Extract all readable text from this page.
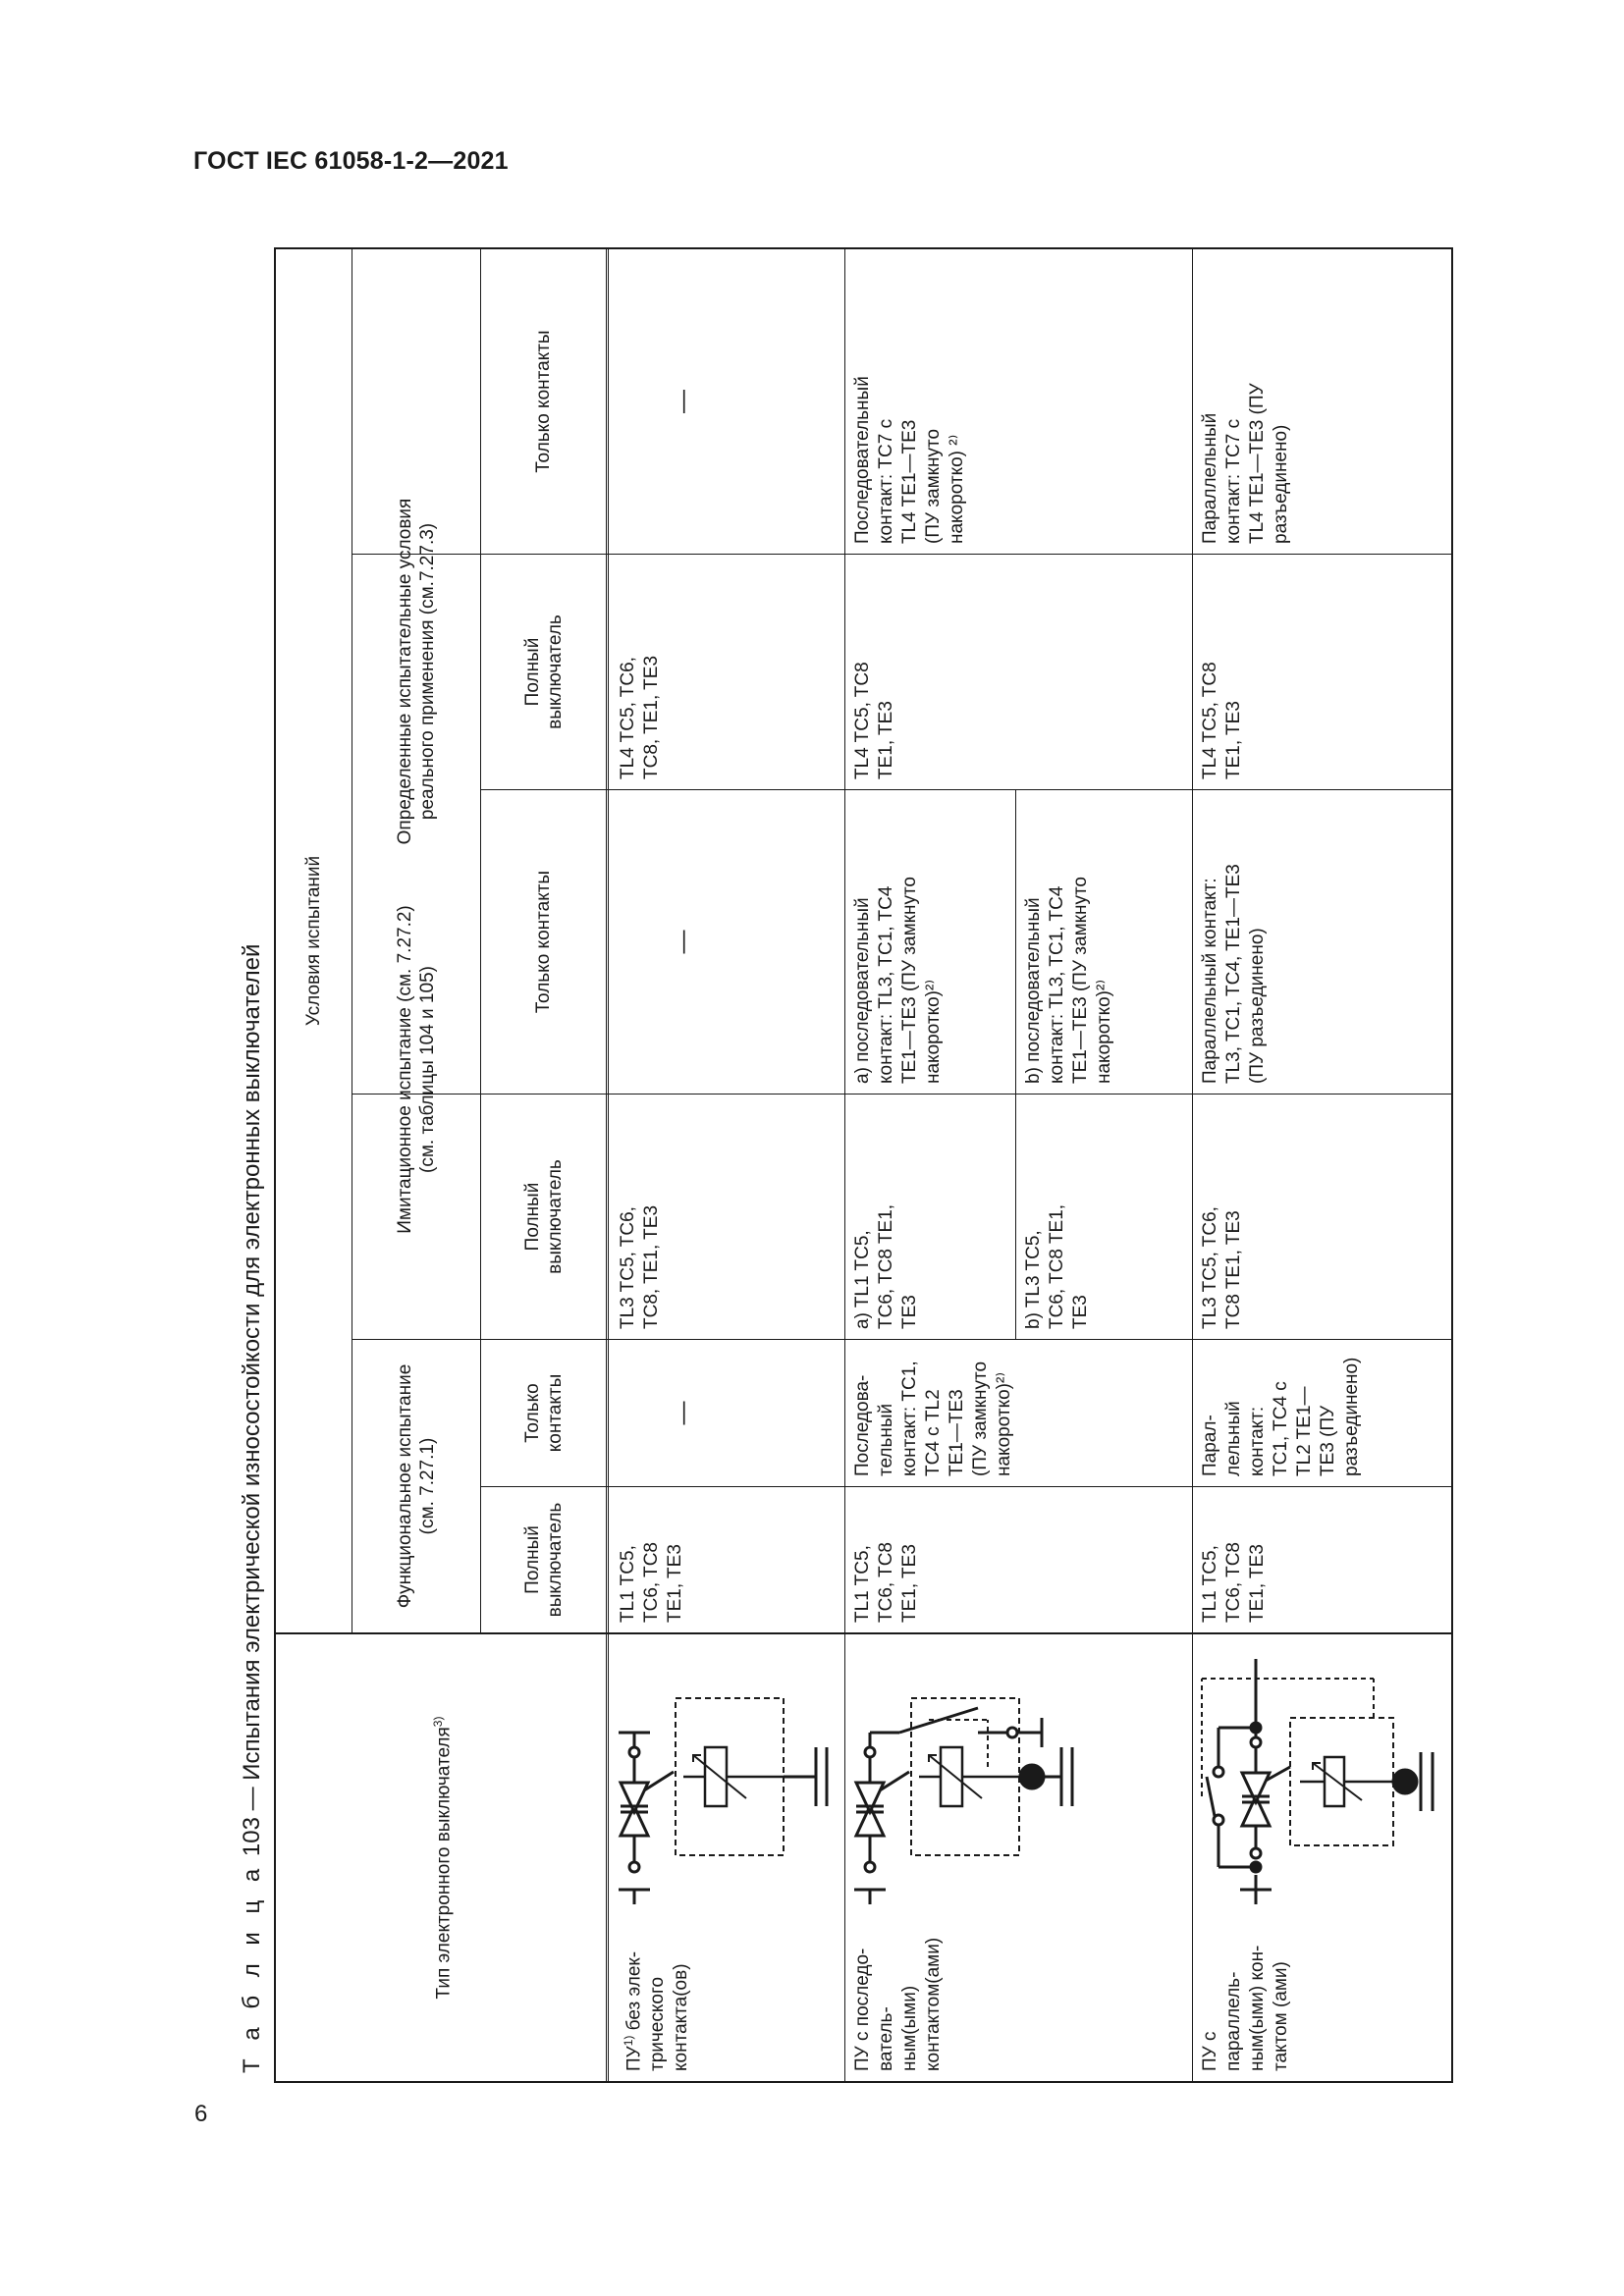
ГОСТ IEC 61058-1-2—2021
6
Т а б л и ц а 103 — Испытания электрической износостойкости для электронных выключателей
Тип электронного выключателя$^{3)}$
Условия испытаний
Функциональное испытание
(см. 7.27.1)
Имитационное испытание (см. 7.27.2)
(см. таблицы 104 и 105)
Определенные испытательные условия
реального применения (см.7.27.3)
Полный
выключатель
Только
контакты
Полный
выключатель
Только контакты
Полный
выключатель
Только контакты
ПУ$^{1)}$ без элек-
трического
контакта(ов)
TL1 TC5,
TC6, TC8
TE1, TE3
—
TL3 TC5, TC6,
TC8, TE1, TE3
—
TL4 TC5, TC6,
TC8, TE1, TE3
—
ПУ с последо-
ватель-
ным(ыми)
контактом(ами)
TL1 TC5,
TC6, TC8
TE1, TE3
Последова-
тельный
контакт: TC1,
TC4 с TL2
TE1—TE3
(ПУ замкнуто
накоротко)²⁾
a) TL1 TC5,
TC6, TC8 TE1,
TE3
a) последовательный
контакт: TL3, TC1, TC4
TE1—TE3 (ПУ замкнуто
накоротко)²⁾
b) TL3 TC5,
TC6, TC8 TE1,
TE3
b) последовательный
контакт: TL3, TC1, TC4
TE1—TE3 (ПУ замкнуто
накоротко)²⁾
TL4 TC5, TC8
TE1, TE3
Последовательный
контакт: TC7 с
TL4 TE1—TE3
(ПУ замкнуто
накоротко) ²⁾
ПУ с параллель-
ным(ыми) кон-
тактом (ами)
TL1 TC5,
TC6, TC8
TE1, TE3
Парал-
лельный
контакт:
TC1, TC4 с
TL2 TE1—
TE3 (ПУ
разъединено)
TL3 TC5, TC6,
TC8 TE1, TE3
Параллельный контакт:
TL3, TC1, TC4, TE1—TE3
(ПУ разъединено)
TL4 TC5, TC8
TE1, TE3
Параллельный
контакт: TC7 с
TL4 TE1—TE3 (ПУ
разъединено)
